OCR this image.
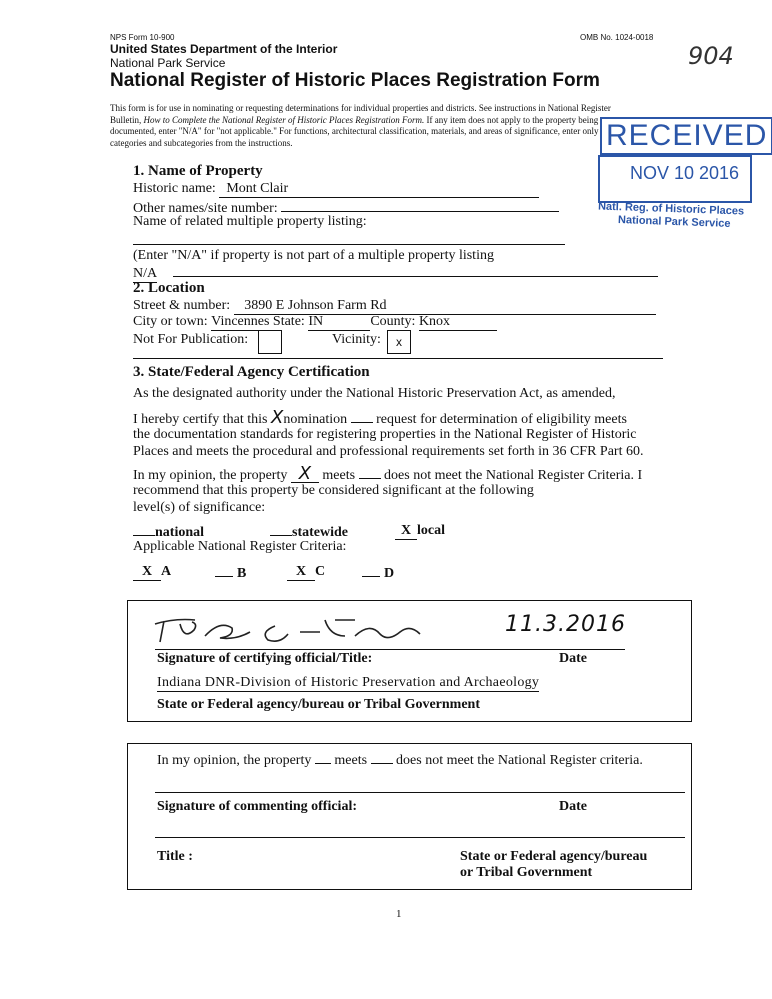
NPS Form 10-900	OMB No. 1024-0018
United States Department of the Interior
National Park Service
National Register of Historic Places Registration Form
904
This form is for use in nominating or requesting determinations for individual properties and districts. See instructions in National Register
Bulletin, How to Complete the National Register of Historic Places Registration Form. If any item does not apply to the property being
documented, enter "N/A" for "not applicable." For functions, architectural classification, materials, and areas of significance, enter only
categories and subcategories from the instructions.	RECEIVED
NOV 10 2016
Natl. Reg. of Historic Places
National Park Service
1. Name of Property
Historic name:   Mont Clair
Other names/site number:
Name of related multiple property listing:
(Enter "N/A" if property is not part of a multiple property listing
N/A
2. Location
Street & number:    3890 E Johnson Farm Rd
City or town: Vincennes State: IN	County: Knox
Not For Publication:	Vicinity:	x
3. State/Federal Agency Certification
As the designated authority under the National Historic Preservation Act, as amended,
I hereby certify that this Xnomination  request for determination of eligibility meets
the documentation standards for registering properties in the National Register of Historic
Places and meets the procedural and professional requirements set forth in 36 CFR Part 60.
In my opinion, the property X meets  does not meet the National Register Criteria. I
recommend that this property be considered significant at the following
level(s) of significance:
national	statewide	X local
Applicable National Register Criteria:
X A	B	X C	D
11.3.2016
Signature of certifying official/Title:	Date
Indiana DNR-Division of Historic Preservation and Archaeology
State or Federal agency/bureau or Tribal Government
In my opinion, the property  meets  does not meet the National Register criteria.
Signature of commenting official:	Date
Title :	State or Federal agency/bureau
or Tribal Government
1
